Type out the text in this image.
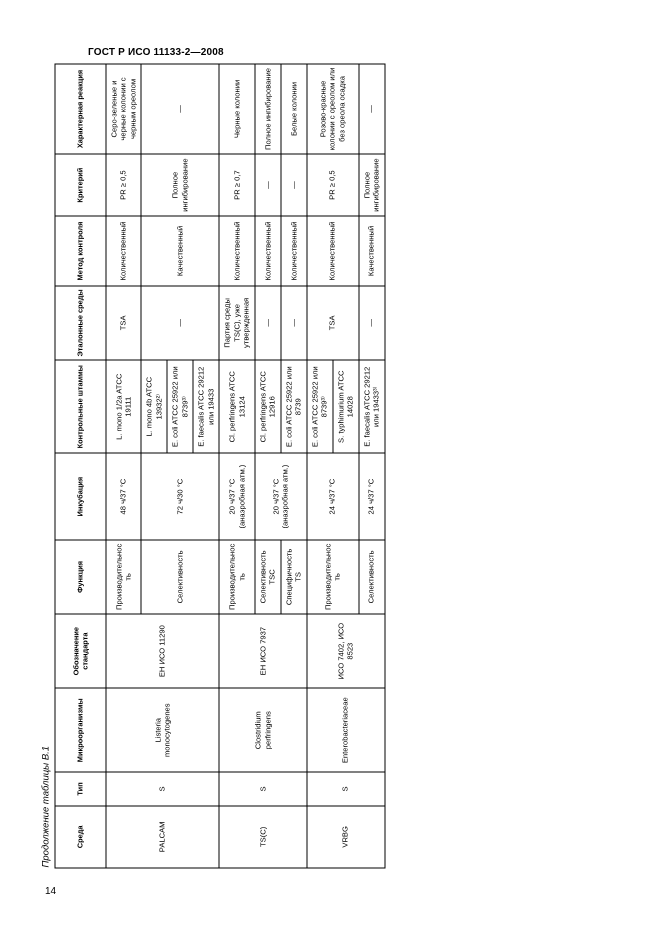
ГОСТ Р ИСО 11133-2—2008
Продолжение таблицы В.1	Среда	Тип	Микроорганизмы	Обозначение стандарта	Функция	Инкубация	Контрольные штаммы	Эталонные среды	Метод контроля	Критерий	Характерная реакция
PALCAM	S	Listeria monocytogenes	ЕН ИСО 11290	Производительность	48 ч/37 °C	L. mono 1/2a ATCC 19111	TSA	Количественный	PR ≥ 0,5	Серо-зеленые и черные колонии с черным ореолом
				Селективность	72 ч/30 °C	L. mono 4b ATCC 13932²⁾	—	Качественный	Полное ингибирование	—
						E. coli ATCC 25922 или 8739³⁾				
						E. faecalis ATCC 29212 или 19433				
TS(C)	S	Clostridium perfringens	ЕН ИСО 7937	Производительность	20 ч/37 °C (анаэробная атм.)	Cl. perfringens ATCC 13124	Партия среды TS(C), уже утвержденная	Количественный	PR ≥ 0,7	Черные колонии
				Селективность TSC	20 ч/37 °C (анаэробная атм.)	Cl. perfringens ATCC 12916	—	Количественный	—	Полное ингибирование
				Специфичность TS		E. coli ATCC 25922 или 8739	—	Количественный	—	Белые колонии
VRBG	S	Enterobacteriaceae	ИСО 7402, ИСО 8523	Производительность	24 ч/37 °C	E. coli ATCC 25922 или 8739³⁾	TSA	Количественный	PR ≥ 0,5	Розово-красные колонии с ореолом или без ореола осадка
						S. typhimurium ATCC 14028				
				Селективность	24 ч/37 °C	E. faecalis ATCC 29212 или 19433³⁾	—	Качественный	Полное ингибирование	—
14
